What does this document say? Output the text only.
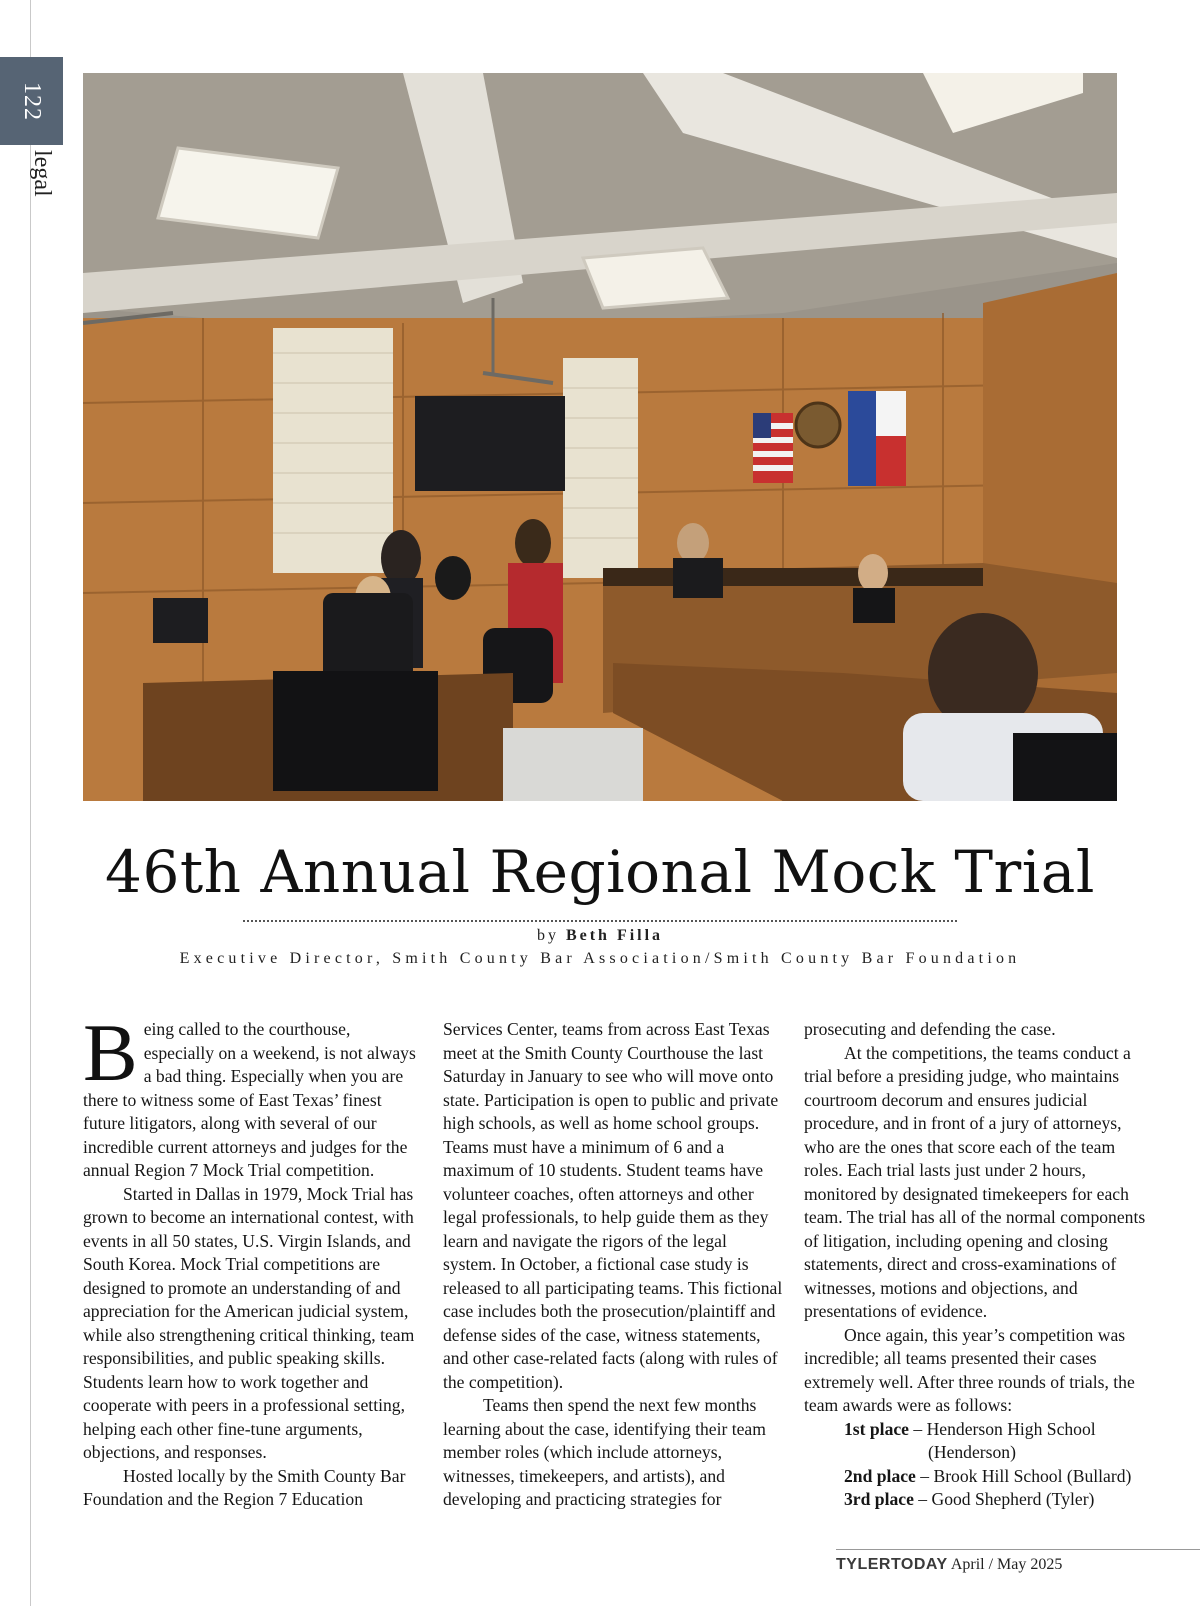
122
legal
46th Annual Regional Mock Trial
by Beth Filla
Executive Director, Smith County Bar Association/Smith County Bar Foundation

Being called to the courthouse, especially on a weekend, is not always a bad thing. Especially when you are there to witness some of East Texas’ finest future litigators, along with several of our incredible current attorneys and judges for the annual Region 7 Mock Trial competition.

Started in Dallas in 1979, Mock Trial has grown to become an international contest, with events in all 50 states, U.S. Virgin Islands, and South Korea. Mock Trial competitions are designed to promote an understanding of and appreciation for the American judicial system, while also strengthening critical thinking, team responsibilities, and public speaking skills. Students learn how to work together and cooperate with peers in a professional setting, helping each other fine-tune arguments, objections, and responses.

Hosted locally by the Smith County Bar Foundation and the Region 7 Education

Services Center, teams from across East Texas meet at the Smith County Courthouse the last Saturday in January to see who will move onto state. Participation is open to public and private high schools, as well as home school groups. Teams must have a minimum of 6 and a maximum of 10 students. Student teams have volunteer coaches, often attorneys and other legal professionals, to help guide them as they learn and navigate the rigors of the legal system. In October, a fictional case study is released to all participating teams. This fictional case includes both the prosecution/plaintiff and defense sides of the case, witness statements, and other case-related facts (along with rules of the competition).

Teams then spend the next few months learning about the case, identifying their team member roles (which include attorneys, witnesses, timekeepers, and artists), and developing and practicing strategies for

prosecuting and defending the case.

At the competitions, the teams conduct a trial before a presiding judge, who maintains courtroom decorum and ensures judicial procedure, and in front of a jury of attorneys, who are the ones that score each of the team roles. Each trial lasts just under 2 hours, monitored by designated timekeepers for each team. The trial has all of the normal components of litigation, including opening and closing statements, direct and cross-examinations of witnesses, motions and objections, and presentations of evidence.

Once again, this year’s competition was incredible; all teams presented their cases extremely well. After three rounds of trials, the team awards were as follows:

1st place – Henderson High School

(Henderson)

2nd place – Brook Hill School (Bullard)

3rd place – Good Shepherd (Tyler)

TYLERTODAY April / May 2025
